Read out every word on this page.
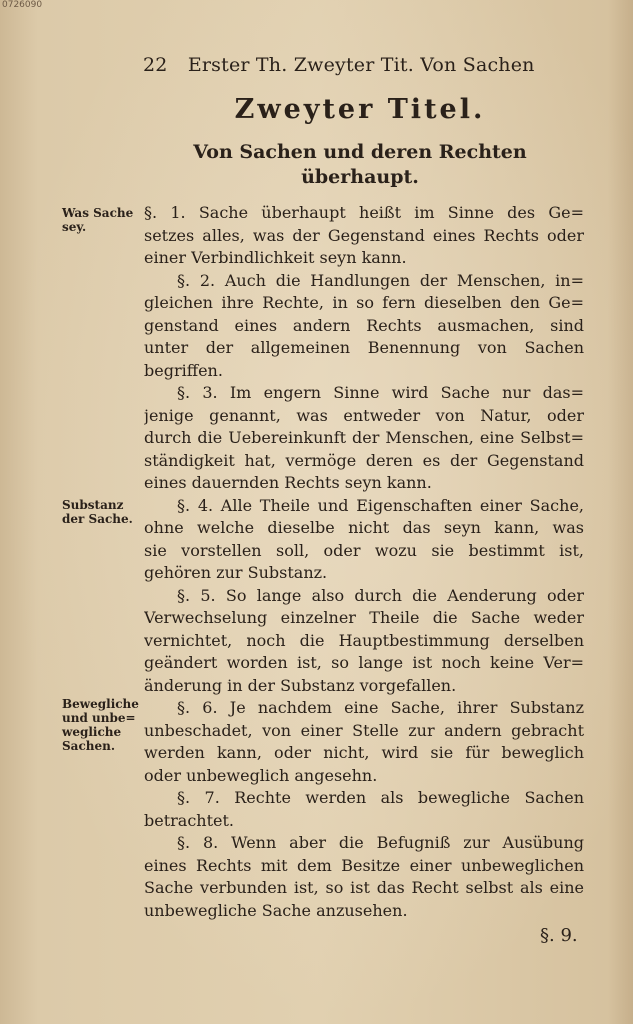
0726090
22 Erster Th. Zweyter Tit. Von Sachen
Zweyter Titel.
Von Sachen und deren Rechten
überhaupt.
Was Sache
sey.
Substanz
der Sache.
Bewegliche
und unbe=
wegliche
Sachen.
§. 1. Sache überhaupt heißt im Sinne des Ge=
setzes alles, was der Gegenstand eines Rechts oder
einer Verbindlichkeit seyn kann.
§. 2. Auch die Handlungen der Menschen, in=
gleichen ihre Rechte, in so fern dieselben den Ge=
genstand eines andern Rechts ausmachen, sind
unter der allgemeinen Benennung von Sachen
begriffen.
§. 3. Im engern Sinne wird Sache nur das=
jenige genannt, was entweder von Natur, oder
durch die Uebereinkunft der Menschen, eine Selbst=
ständigkeit hat, vermöge deren es der Gegenstand
eines dauernden Rechts seyn kann.
§. 4. Alle Theile und Eigenschaften einer Sache,
ohne welche dieselbe nicht das seyn kann, was
sie vorstellen soll, oder wozu sie bestimmt ist,
gehören zur Substanz.
§. 5. So lange also durch die Aenderung oder
Verwechselung einzelner Theile die Sache weder
vernichtet, noch die Hauptbestimmung derselben
geändert worden ist, so lange ist noch keine Ver=
änderung in der Substanz vorgefallen.
§. 6. Je nachdem eine Sache, ihrer Substanz
unbeschadet, von einer Stelle zur andern gebracht
werden kann, oder nicht, wird sie für beweglich
oder unbeweglich angesehn.
§. 7. Rechte werden als bewegliche Sachen
betrachtet.
§. 8. Wenn aber die Befugniß zur Ausübung
eines Rechts mit dem Besitze einer unbeweglichen
Sache verbunden ist, so ist das Recht selbst als eine
unbewegliche Sache anzusehen.
§. 9.
